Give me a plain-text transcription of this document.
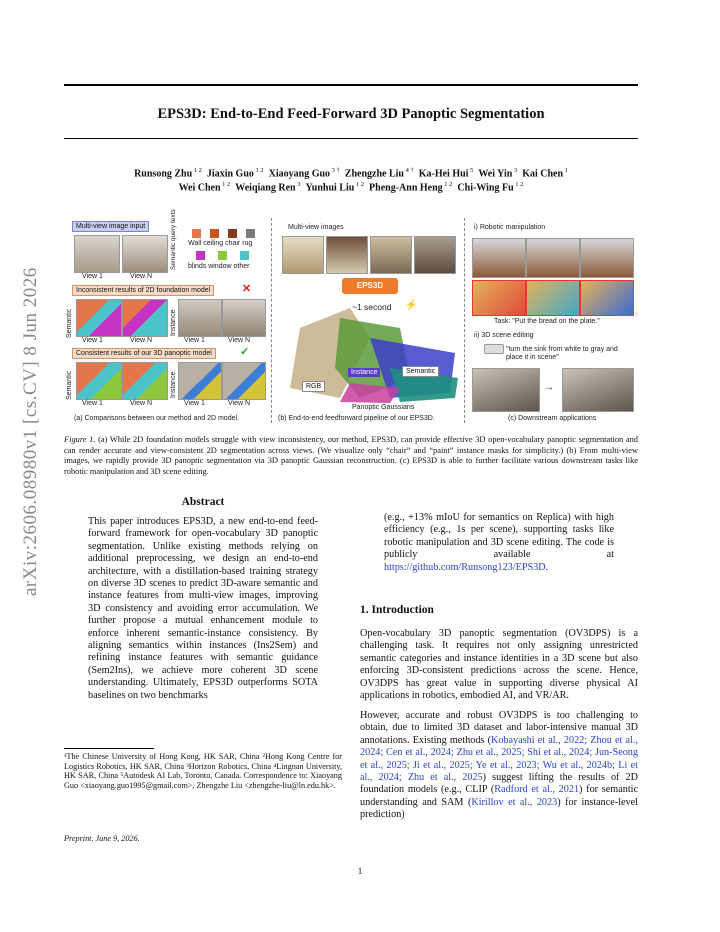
arXiv:2606.08980v1 [cs.CV] 8 Jun 2026
EPS3D: End-to-End Feed-Forward 3D Panoptic Segmentation
Runsong Zhu $^{1 2}$ Jiaxin Guo $^{1 2}$ Xiaoyang Guo $^{3 \dagger}$ Zhengzhe Liu $^{4 \dagger}$ Ka-Hei Hui $^5$ Wei Yin $^3$ Kai Chen $^1$
Wei Chen $^{1 2}$ Weiqiang Ren $^3$ Yunhui Liu $^{1 2}$ Pheng-Ann Heng $^{1 2}$ Chi-Wing Fu $^{1 2}$
Multi-view image input
View 1	View N
Semantic query texts Wall ceiling chair rug
blinds window other
Inconsistent results of 2D foundation model	✕
Semantic	Instance
View 1	View N	View 1	View N
Consistent results of our 3D panoptic model	✓
Semantic	Instance
View 1	View N	View 1	View N
(a) Comparisons between our method and 2D model.
Multi-view images
EPS3D
~1 second ⚡
RGB
Instance	Semantic
Panoptic Gaussians
(b) End-to-end feedforward pipeline of our EPS3D.
i) Robotic manipulation
Task: "Put the bread on the plate."
ii) 3D scene editing
"turn the sink from white to gray and place it in scene"
→
(c) Downstream applications
Figure 1. (a) While 2D foundation models struggle with view inconsistency, our method, EPS3D, can provide effective 3D open-vocabulary panoptic segmentation and can render accurate and view-consistent 2D segmentation across views. (We visualize only “chair” and “paint” instance masks for simplicity.) (b) From multi-view images, we rapidly provide 3D panoptic segmentation via 3D panoptic Gaussian reconstruction. (c) EPS3D is able to further facilitate various downstream tasks like robotic manipulation and 3D scene editing.
Abstract
This paper introduces EPS3D, a new end-to-end feed-forward framework for open-vocabulary 3D panoptic segmentation. Unlike existing methods relying on additional preprocessing, we design an end-to-end architecture, with a distillation-based training strategy on diverse 3D scenes to predict 3D-aware semantic and instance features from multi-view images, improving 3D consistency and avoiding error accumulation. We further propose a mutual enhancement module to enforce inherent semantic-instance consistency. By aligning semantics within instances (Ins2Sem) and refining instance features with semantic guidance (Sem2Ins), we achieve more coherent 3D scene understanding. Ultimately, EPS3D outperforms SOTA baselines on two benchmarks
(e.g., +13% mIoU for semantics on Replica) with high efficiency (e.g., 1s per scene), supporting tasks like robotic manipulation and 3D scene editing. The code is publicly available at https://github.com/Runsong123/EPS3D.
1. Introduction
Open-vocabulary 3D panoptic segmentation (OV3DPS) is a challenging task. It requires not only assigning unrestricted semantic categories and instance identities in a 3D scene but also enforcing 3D-consistent predictions across the scene. Hence, OV3DPS has great value in supporting diverse physical AI applications in robotics, embodied AI, and VR/AR.
However, accurate and robust OV3DPS is too challenging to obtain, due to limited 3D dataset and labor-intensive manual 3D annotations. Existing methods (Kobayashi et al., 2022; Zhou et al., 2024; Cen et al., 2024; Zhu et al., 2025; Shi et al., 2024; Jun-Seong et al., 2025; Ji et al., 2025; Ye et al., 2023; Wu et al., 2024b; Li et al., 2024; Zhu et al., 2025) suggest lifting the results of 2D foundation models (e.g., CLIP (Radford et al., 2021) for semantic understanding and SAM (Kirillov et al., 2023) for instance-level prediction)
¹The Chinese University of Hong Kong, HK SAR, China ²Hong Kong Centre for Logistics Robotics, HK SAR, China ³Horizon Robotics, China ⁴Lingnan University, HK SAR, China ⁵Autodesk AI Lab, Toronto, Canada. Correspondence to: Xiaoyang Guo <xiaoyang.guo1995@gmail.com>, Zhengzhe Liu <zhengzhe-liu@ln.edu.hk>.
Preprint. June 9, 2026.
1
